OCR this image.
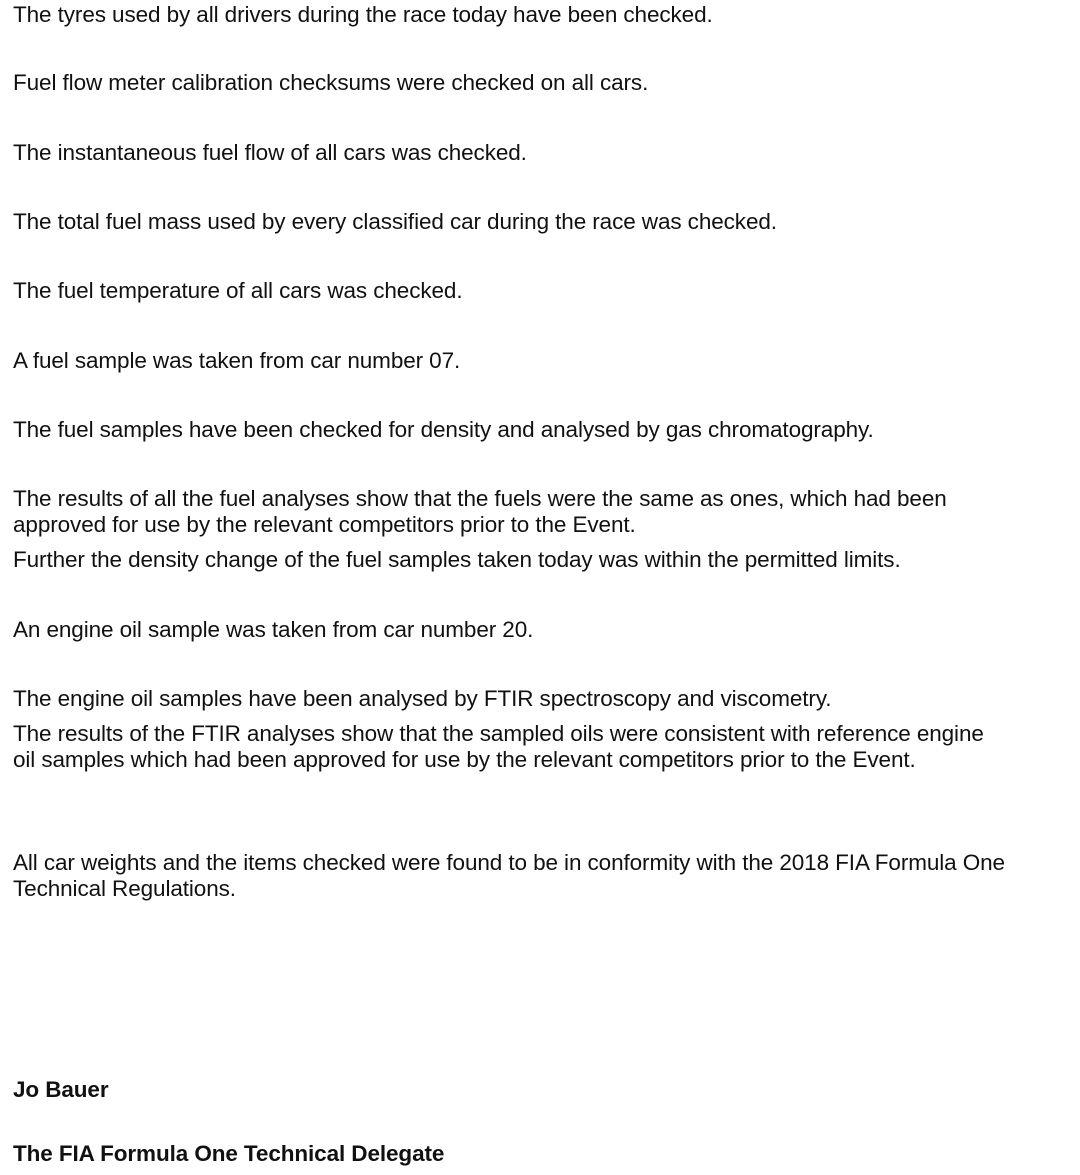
The tyres used by all drivers during the race today have been checked.

Fuel flow meter calibration checksums were checked on all cars.

The instantaneous fuel flow of all cars was checked.

The total fuel mass used by every classified car during the race was checked.

The fuel temperature of all cars was checked.

A fuel sample was taken from car number 07.

The fuel samples have been checked for density and analysed by gas chromatography.

The results of all the fuel analyses show that the fuels were the same as ones, which had been

approved for use by the relevant competitors prior to the Event.

Further the density change of the fuel samples taken today was within the permitted limits.

An engine oil sample was taken from car number 20.

The engine oil samples have been analysed by FTIR spectroscopy and viscometry.

The results of the FTIR analyses show that the sampled oils were consistent with reference engine

oil samples which had been approved for use by the relevant competitors prior to the Event.

All car weights and the items checked were found to be in conformity with the 2018 FIA Formula One

Technical Regulations.

Jo Bauer

The FIA Formula One Technical Delegate
